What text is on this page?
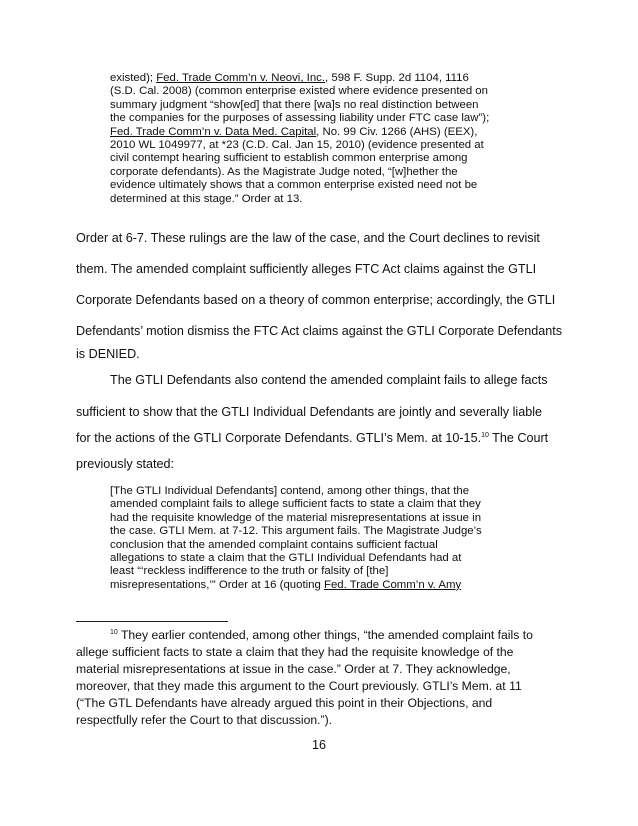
existed); Fed. Trade Comm’n v. Neovi, Inc., 598 F. Supp. 2d 1104, 1116
(S.D. Cal. 2008) (common enterprise existed where evidence presented on
summary judgment “show[ed] that there [wa]s no real distinction between
the companies for the purposes of assessing liability under FTC case law”);
Fed. Trade Comm’n v. Data Med. Capital, No. 99 Civ. 1266 (AHS) (EEX),
2010 WL 1049977, at *23 (C.D. Cal. Jan 15, 2010) (evidence presented at
civil contempt hearing sufficient to establish common enterprise among
corporate defendants). As the Magistrate Judge noted, “[w]hether the
evidence ultimately shows that a common enterprise existed need not be
determined at this stage.” Order at 13.
Order at 6-7. These rulings are the law of the case, and the Court declines to revisit
them. The amended complaint sufficiently alleges FTC Act claims against the GTLI
Corporate Defendants based on a theory of common enterprise; accordingly, the GTLI
Defendants’ motion dismiss the FTC Act claims against the GTLI Corporate Defendants
is DENIED.
The GTLI Defendants also contend the amended complaint fails to allege facts
sufficient to show that the GTLI Individual Defendants are jointly and severally liable
for the actions of the GTLI Corporate Defendants. GTLI’s Mem. at 10-15.10 The Court
previously stated:
[The GTLI Individual Defendants] contend, among other things, that the
amended complaint fails to allege sufficient facts to state a claim that they
had the requisite knowledge of the material misrepresentations at issue in
the case. GTLI Mem. at 7-12. This argument fails. The Magistrate Judge’s
conclusion that the amended complaint contains sufficient factual
allegations to state a claim that the GTLI Individual Defendants had at
least “‘reckless indifference to the truth or falsity of [the]
misrepresentations,’” Order at 16 (quoting Fed. Trade Comm’n v. Amy
$^{10}$ They earlier contended, among other things, “the amended complaint fails to
allege sufficient facts to state a claim that they had the requisite knowledge of the
material misrepresentations at issue in the case.” Order at 7. They acknowledge,
moreover, that they made this argument to the Court previously. GTLI’s Mem. at 11
(“The GTL Defendants have already argued this point in their Objections, and
respectfully refer the Court to that discussion.”).
16
